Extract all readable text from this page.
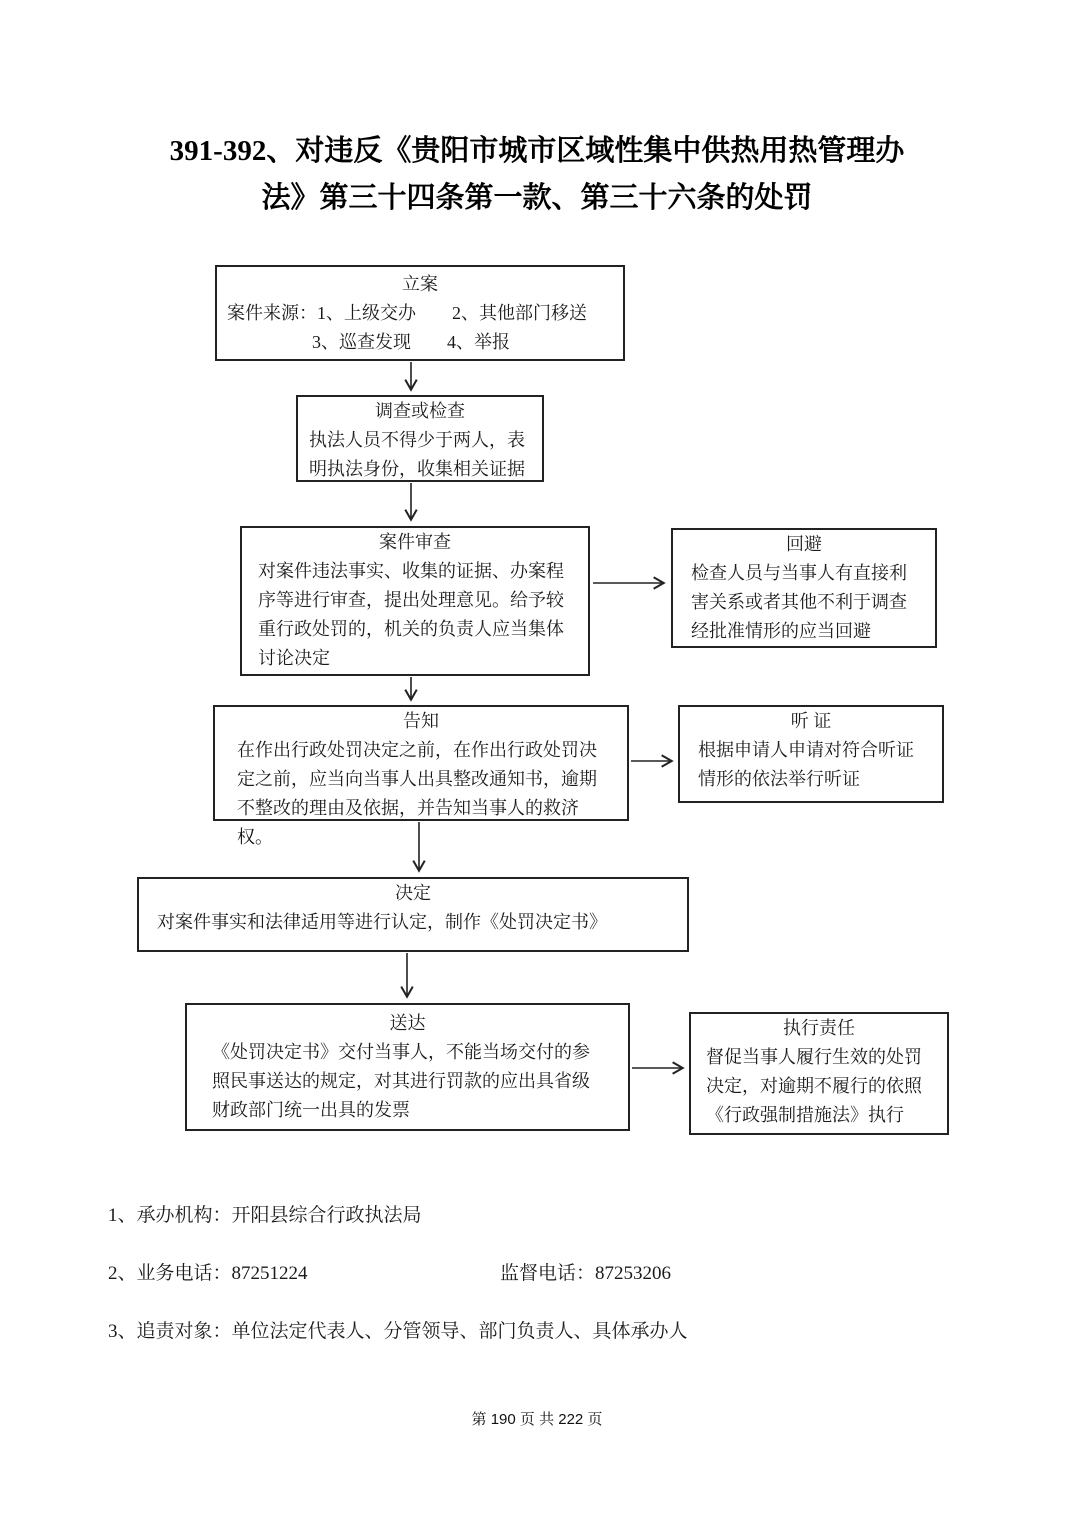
391-392、对违反《贵阳市城市区域性集中供热用热管理办法》第三十四条第一款、第三十六条的处罚
立案
案件来源：1、上级交办　　2、其他部门移送
3、巡查发现　　4、举报
调查或检查
执法人员不得少于两人，表明执法身份，收集相关证据
案件审查
对案件违法事实、收集的证据、办案程序等进行审查，提出处理意见。给予较重行政处罚的，机关的负责人应当集体讨论决定
回避
检查人员与当事人有直接利害关系或者其他不利于调查经批准情形的应当回避
告知
在作出行政处罚决定之前，在作出行政处罚决定之前，应当向当事人出具整改通知书，逾期不整改的理由及依据，并告知当事人的救济权。
听 证
根据申请人申请对符合听证情形的依法举行听证
决定
对案件事实和法律适用等进行认定，制作《处罚决定书》
送达
《处罚决定书》交付当事人，不能当场交付的参照民事送达的规定，对其进行罚款的应出具省级财政部门统一出具的发票
执行责任
督促当事人履行生效的处罚决定，对逾期不履行的依照《行政强制措施法》执行
1、承办机构：开阳县综合行政执法局
2、业务电话：87251224	监督电话：87253206
3、追责对象：单位法定代表人、分管领导、部门负责人、具体承办人
第 190 页 共 222 页
